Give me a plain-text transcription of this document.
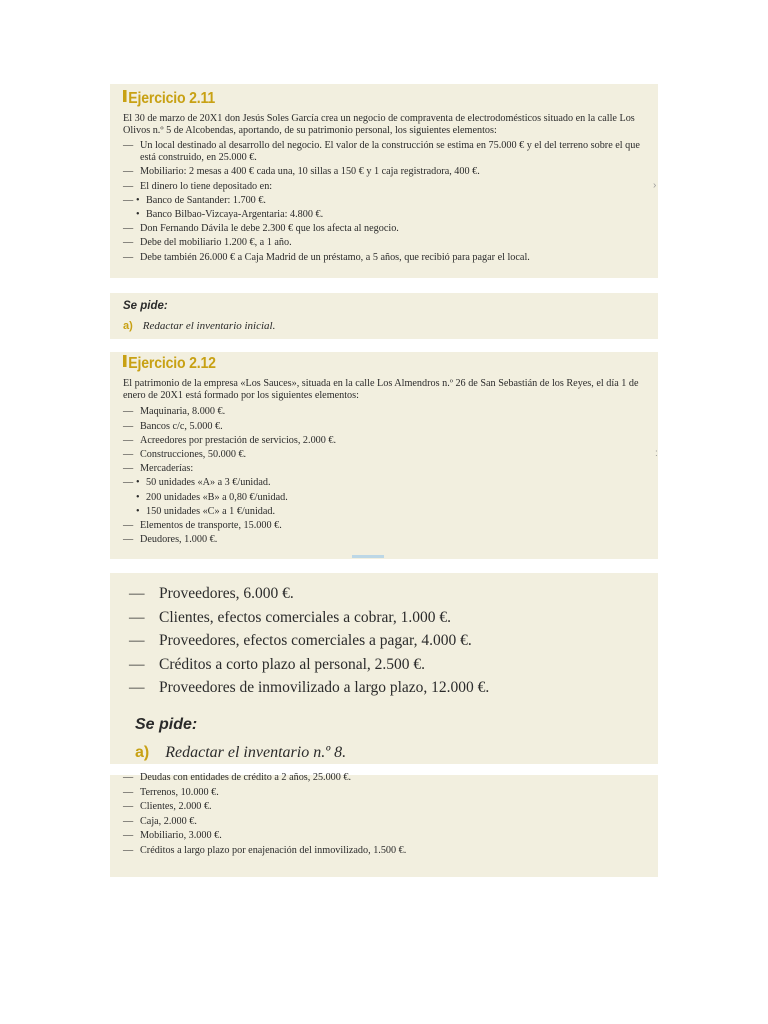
Ejercicio 2.11

El 30 de marzo de 20X1 don Jesús Soles García crea un negocio de compraventa de electrodomésticos situado en la calle Los Olivos n.º 5 de Alcobendas, aportando, de su patrimonio personal, los siguientes elementos:

— Un local destinado al desarrollo del negocio. El valor de la construcción se estima en 75.000 € y el del terreno sobre el que está construido, en 25.000 €.
— Mobiliario: 2 mesas a 400 € cada una, 10 sillas a 150 € y 1 caja registradora, 400 €.
— El dinero lo tiene depositado en:
• — Banco de Santander: 1.700 €.
• Banco Bilbao-Vizcaya-Argentaria: 4.800 €.
— Don Fernando Dávila le debe 2.300 € que los afecta al negocio.
— Debe del mobiliario 1.200 €, a 1 año.
— Debe también 26.000 € a Caja Madrid de un préstamo, a 5 años, que recibió para pagar el local.
›
Se pide:
a) Redactar el inventario inicial.
Ejercicio 2.12

El patrimonio de la empresa «Los Sauces», situada en la calle Los Almendros n.º 26 de San Sebastián de los Reyes, el día 1 de enero de 20X1 está formado por los siguientes elementos:

— Maquinaria, 8.000 €.
— Bancos c/c, 5.000 €.
— Acreedores por prestación de servicios, 2.000 €.
— Construcciones, 50.000 €.
— Mercaderías:
• — 50 unidades «A» a 3 €/unidad.
• 200 unidades «B» a 0,80 €/unidad.
• 150 unidades «C» a 1 €/unidad.
— Elementos de transporte, 15.000 €.
— Deudores, 1.000 €.
:
— Proveedores, 6.000 €.
— Clientes, efectos comerciales a cobrar, 1.000 €.
— Proveedores, efectos comerciales a pagar, 4.000 €.
— Créditos a corto plazo al personal, 2.500 €.
— Proveedores de inmovilizado a largo plazo, 12.000 €.
Se pide:
a) Redactar el inventario n.º 8.
— Deudas con entidades de crédito a 2 años, 25.000 €.
— Terrenos, 10.000 €.
— Clientes, 2.000 €.
— Caja, 2.000 €.
— Mobiliario, 3.000 €.
— Créditos a largo plazo por enajenación del inmovilizado, 1.500 €.
